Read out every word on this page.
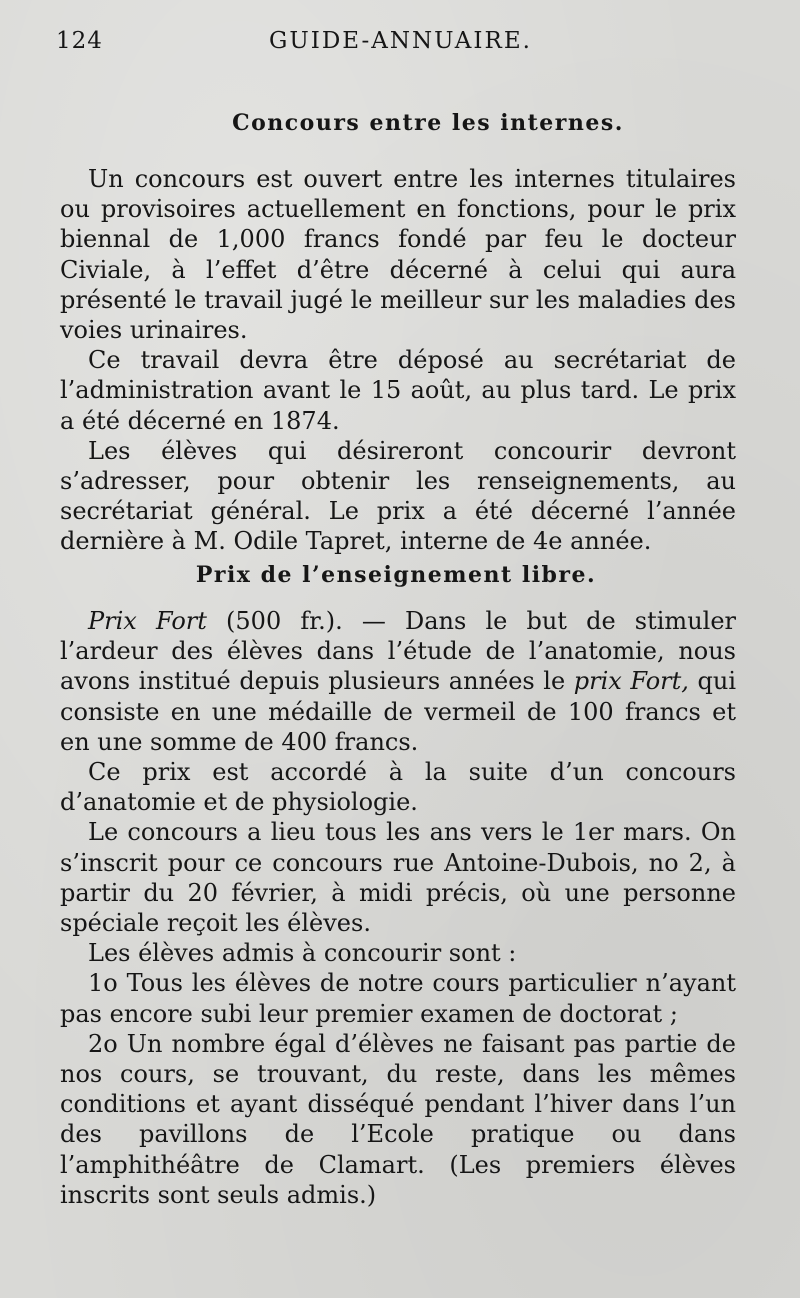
124	GUIDE-ANNUAIRE.
Concours entre les internes.

Un concours est ouvert entre les internes titulaires ou provisoires actuellement en fonctions, pour le prix biennal de 1,000 francs fondé par feu le docteur Civiale, à l’effet d’être décerné à celui qui aura présenté le travail jugé le meilleur sur les maladies des voies urinaires.

Ce travail devra être déposé au secrétariat de l’administration avant le 15 août, au plus tard. Le prix a été décerné en 1874.

Les élèves qui désireront concourir devront s’adresser, pour obtenir les renseignements, au secrétariat général. Le prix a été décerné l’année dernière à M. Odile Tapret, interne de 4e année.

Prix de l’enseignement libre.

Prix Fort (500 fr.). — Dans le but de stimuler l’ardeur des élèves dans l’étude de l’anatomie, nous avons institué depuis plusieurs années le prix Fort, qui consiste en une médaille de vermeil de 100 francs et en une somme de 400 francs.

Ce prix est accordé à la suite d’un concours d’anatomie et de physiologie.

Le concours a lieu tous les ans vers le 1er mars. On s’inscrit pour ce concours rue Antoine-Dubois, no 2, à partir du 20 février, à midi précis, où une personne spéciale reçoit les élèves.

Les élèves admis à concourir sont :

1o Tous les élèves de notre cours particulier n’ayant pas encore subi leur premier examen de doctorat ;

2o Un nombre égal d’élèves ne faisant pas partie de nos cours, se trouvant, du reste, dans les mêmes conditions et ayant disséqué pendant l’hiver dans l’un des pavillons de l’Ecole pratique ou dans l’amphithéâtre de Clamart. (Les premiers élèves inscrits sont seuls admis.)
